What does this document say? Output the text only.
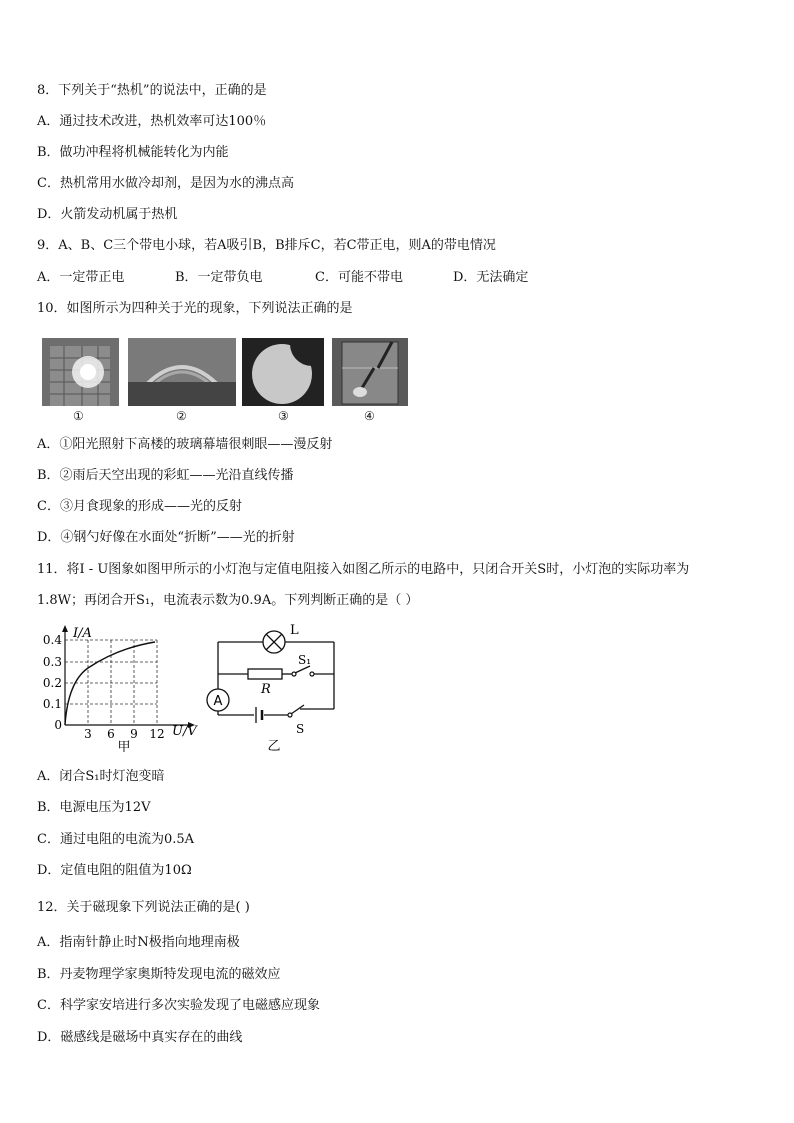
8．下列关于“热机”的说法中，正确的是
A．通过技术改进，热机效率可达100％
B．做功冲程将机械能转化为内能
C．热机常用水做冷却剂，是因为水的沸点高
D．火箭发动机属于热机
9．A、B、C三个带电小球，若A吸引B，B排斥C，若C带正电，则A的带电情况
A．一定带正电	B．一定带负电	C．可能不带电	D．无法确定
10．如图所示为四种关于光的现象，下列说法正确的是
①	②	③	④
A．①阳光照射下高楼的玻璃幕墙很刺眼——漫反射
B．②雨后天空出现的彩虹——光沿直线传播
C．③月食现象的形成——光的反射
D．④钢勺好像在水面处“折断”——光的折射
11．将I - U图象如图甲所示的小灯泡与定值电阻接入如图乙所示的电路中，只闭合开关S时，小灯泡的实际功率为
1.8W；再闭合开S₁，电流表示数为0.9A。下列判断正确的是（ ）
I/A
U/V
0.4
0.3
0.2
0.1
0
3 6 9 12
甲
L
R
S₁
A
S
乙
A．闭合S₁时灯泡变暗
B．电源电压为12V
C．通过电阻的电流为0.5A
D．定值电阻的阻值为10Ω
12．关于磁现象下列说法正确的是( )
A．指南针静止时N极指向地理南极
B．丹麦物理学家奥斯特发现电流的磁效应
C．科学家安培进行多次实验发现了电磁感应现象
D．磁感线是磁场中真实存在的曲线
